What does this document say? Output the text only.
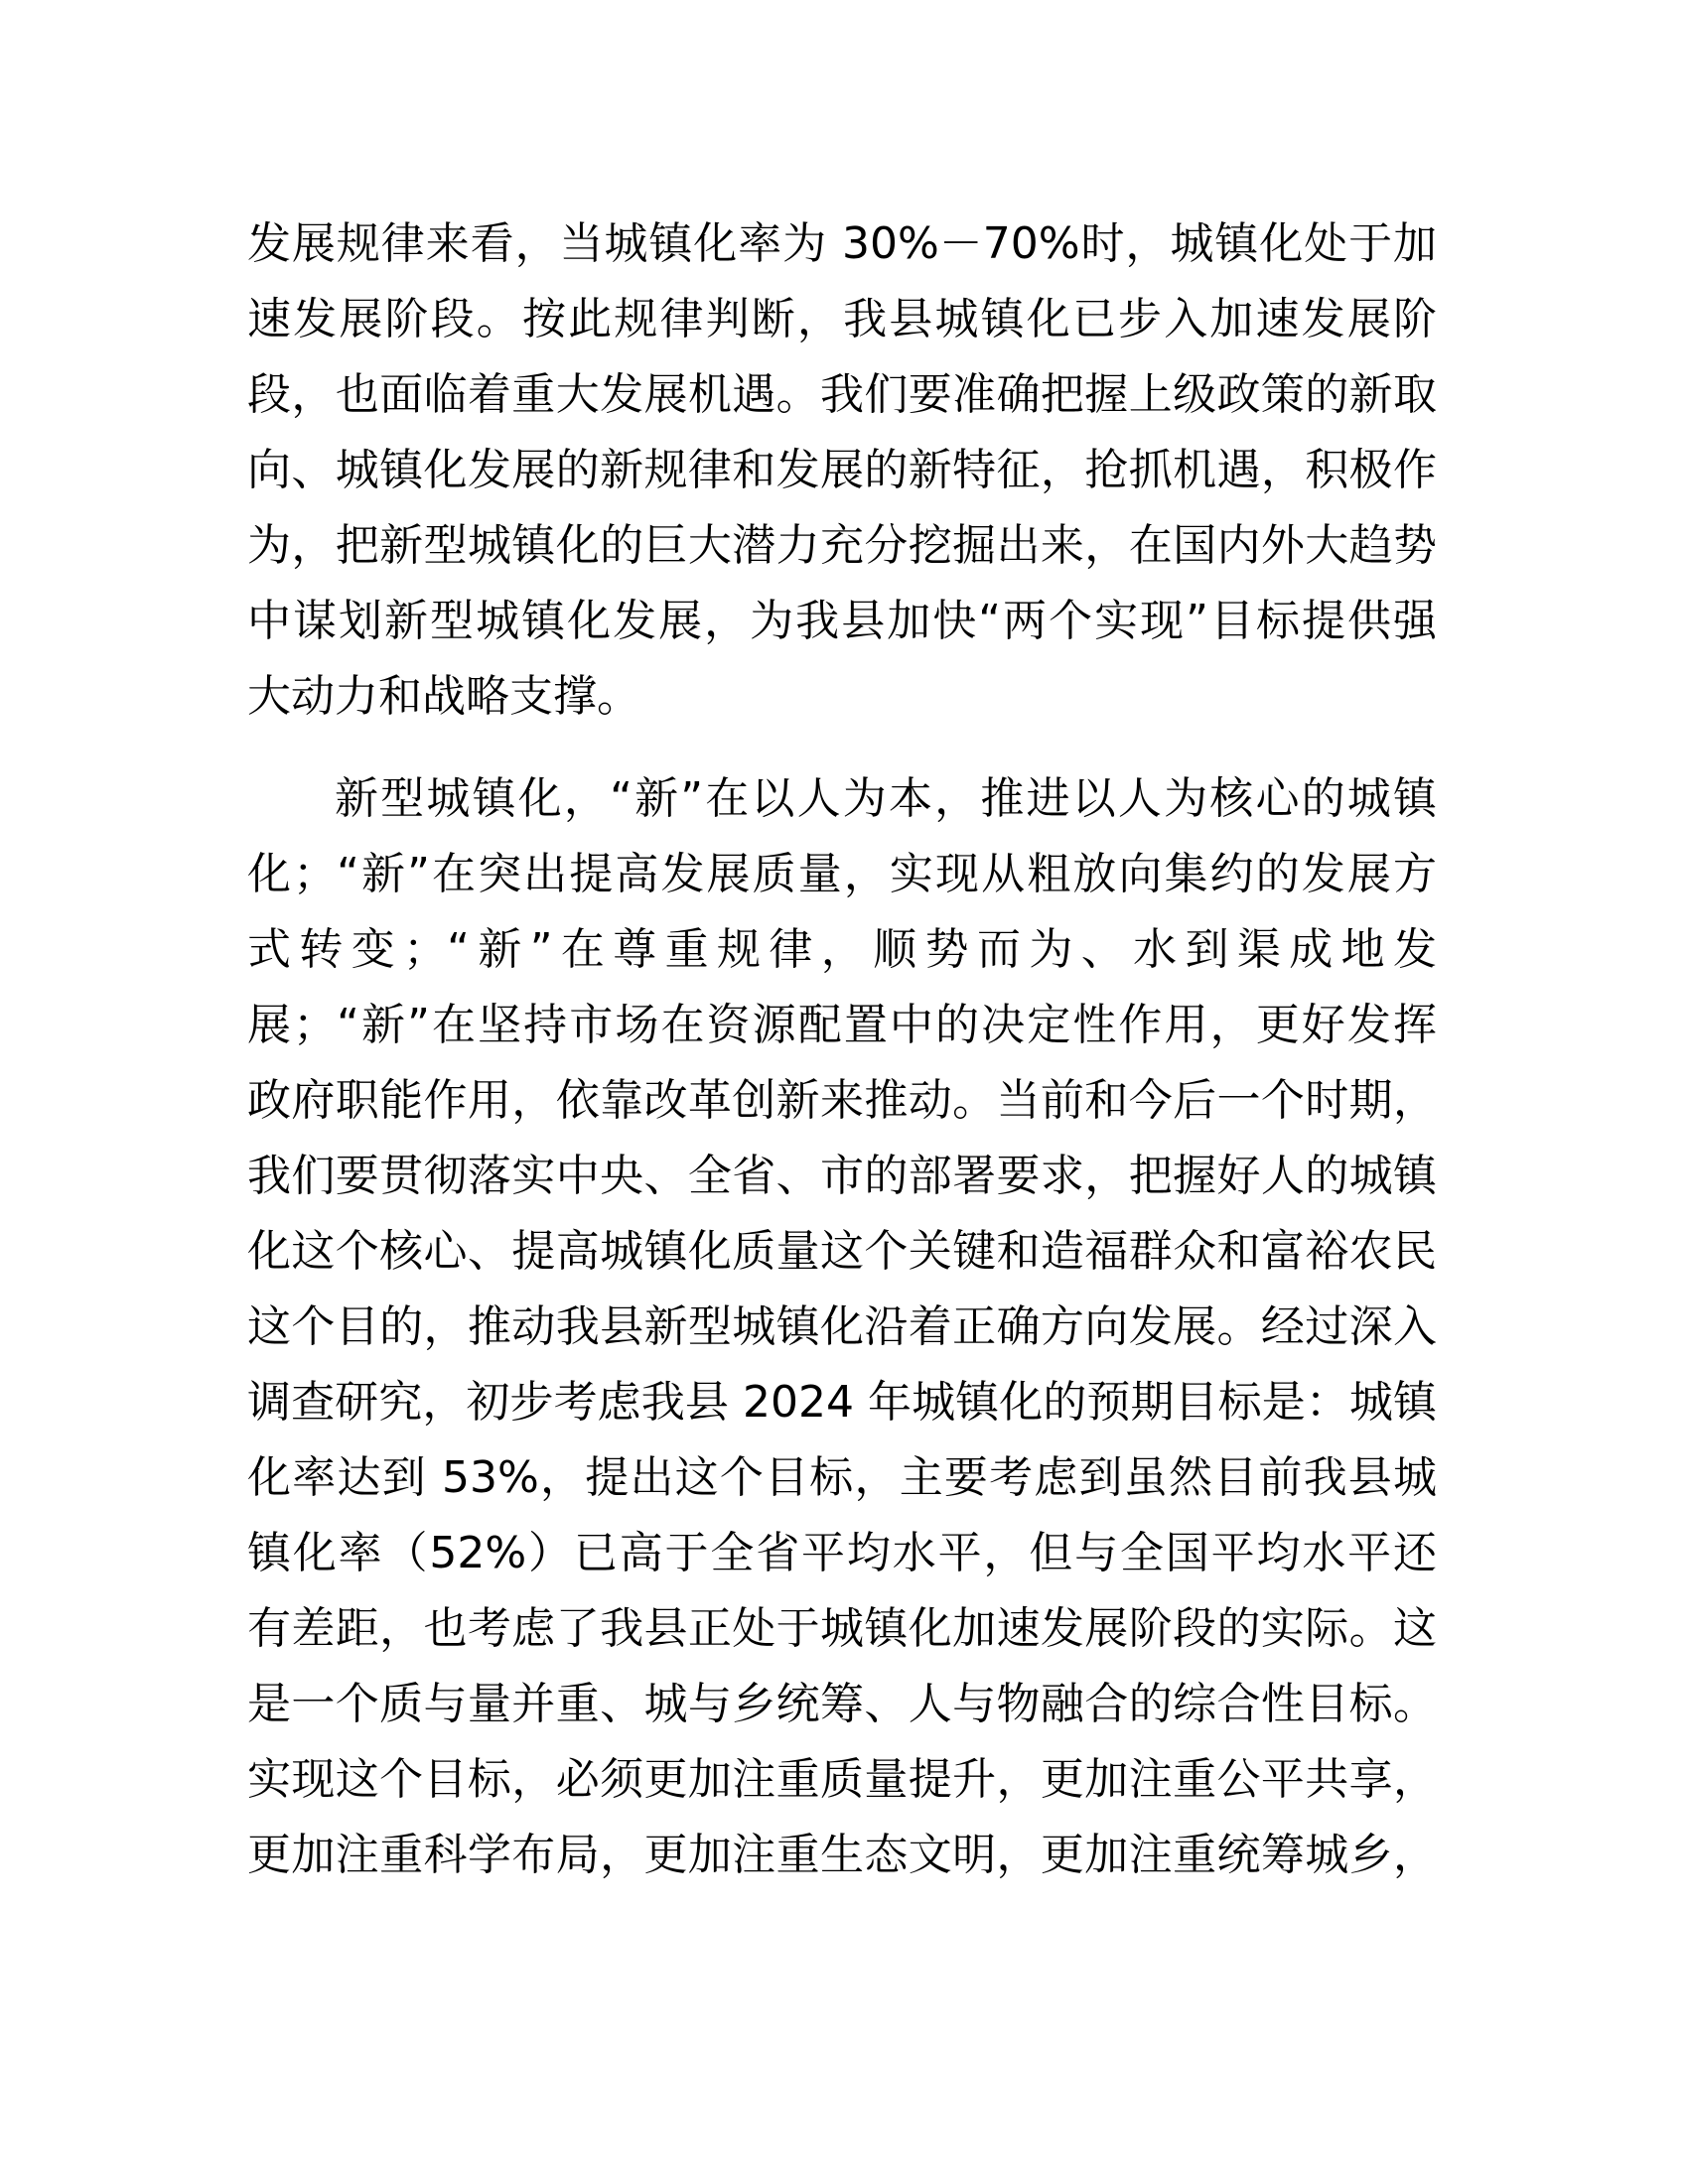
发展规律来看，当城镇化率为 30%－70%时，城镇化处于加
速发展阶段。按此规律判断，我县城镇化已步入加速发展阶
段，也面临着重大发展机遇。我们要准确把握上级政策的新取
向、城镇化发展的新规律和发展的新特征，抢抓机遇，积极作
为，把新型城镇化的巨大潜力充分挖掘出来，在国内外大趋势
中谋划新型城镇化发展，为我县加快“两个实现”目标提供强
大动力和战略支撑。
新型城镇化，“新”在以人为本，推进以人为核心的城镇
化；“新”在突出提高发展质量，实现从粗放向集约的发展方
式转变；“新”在尊重规律，顺势而为、水到渠成地发
展；“新”在坚持市场在资源配置中的决定性作用，更好发挥
政府职能作用，依靠改革创新来推动。当前和今后一个时期，
我们要贯彻落实中央、全省、市的部署要求，把握好人的城镇
化这个核心、提高城镇化质量这个关键和造福群众和富裕农民
这个目的，推动我县新型城镇化沿着正确方向发展。经过深入
调查研究，初步考虑我县 2024 年城镇化的预期目标是：城镇
化率达到 53%，提出这个目标，主要考虑到虽然目前我县城
镇化率（52%）已高于全省平均水平，但与全国平均水平还
有差距，也考虑了我县正处于城镇化加速发展阶段的实际。这
是一个质与量并重、城与乡统筹、人与物融合的综合性目标。
实现这个目标，必须更加注重质量提升，更加注重公平共享，
更加注重科学布局，更加注重生态文明，更加注重统筹城乡，
